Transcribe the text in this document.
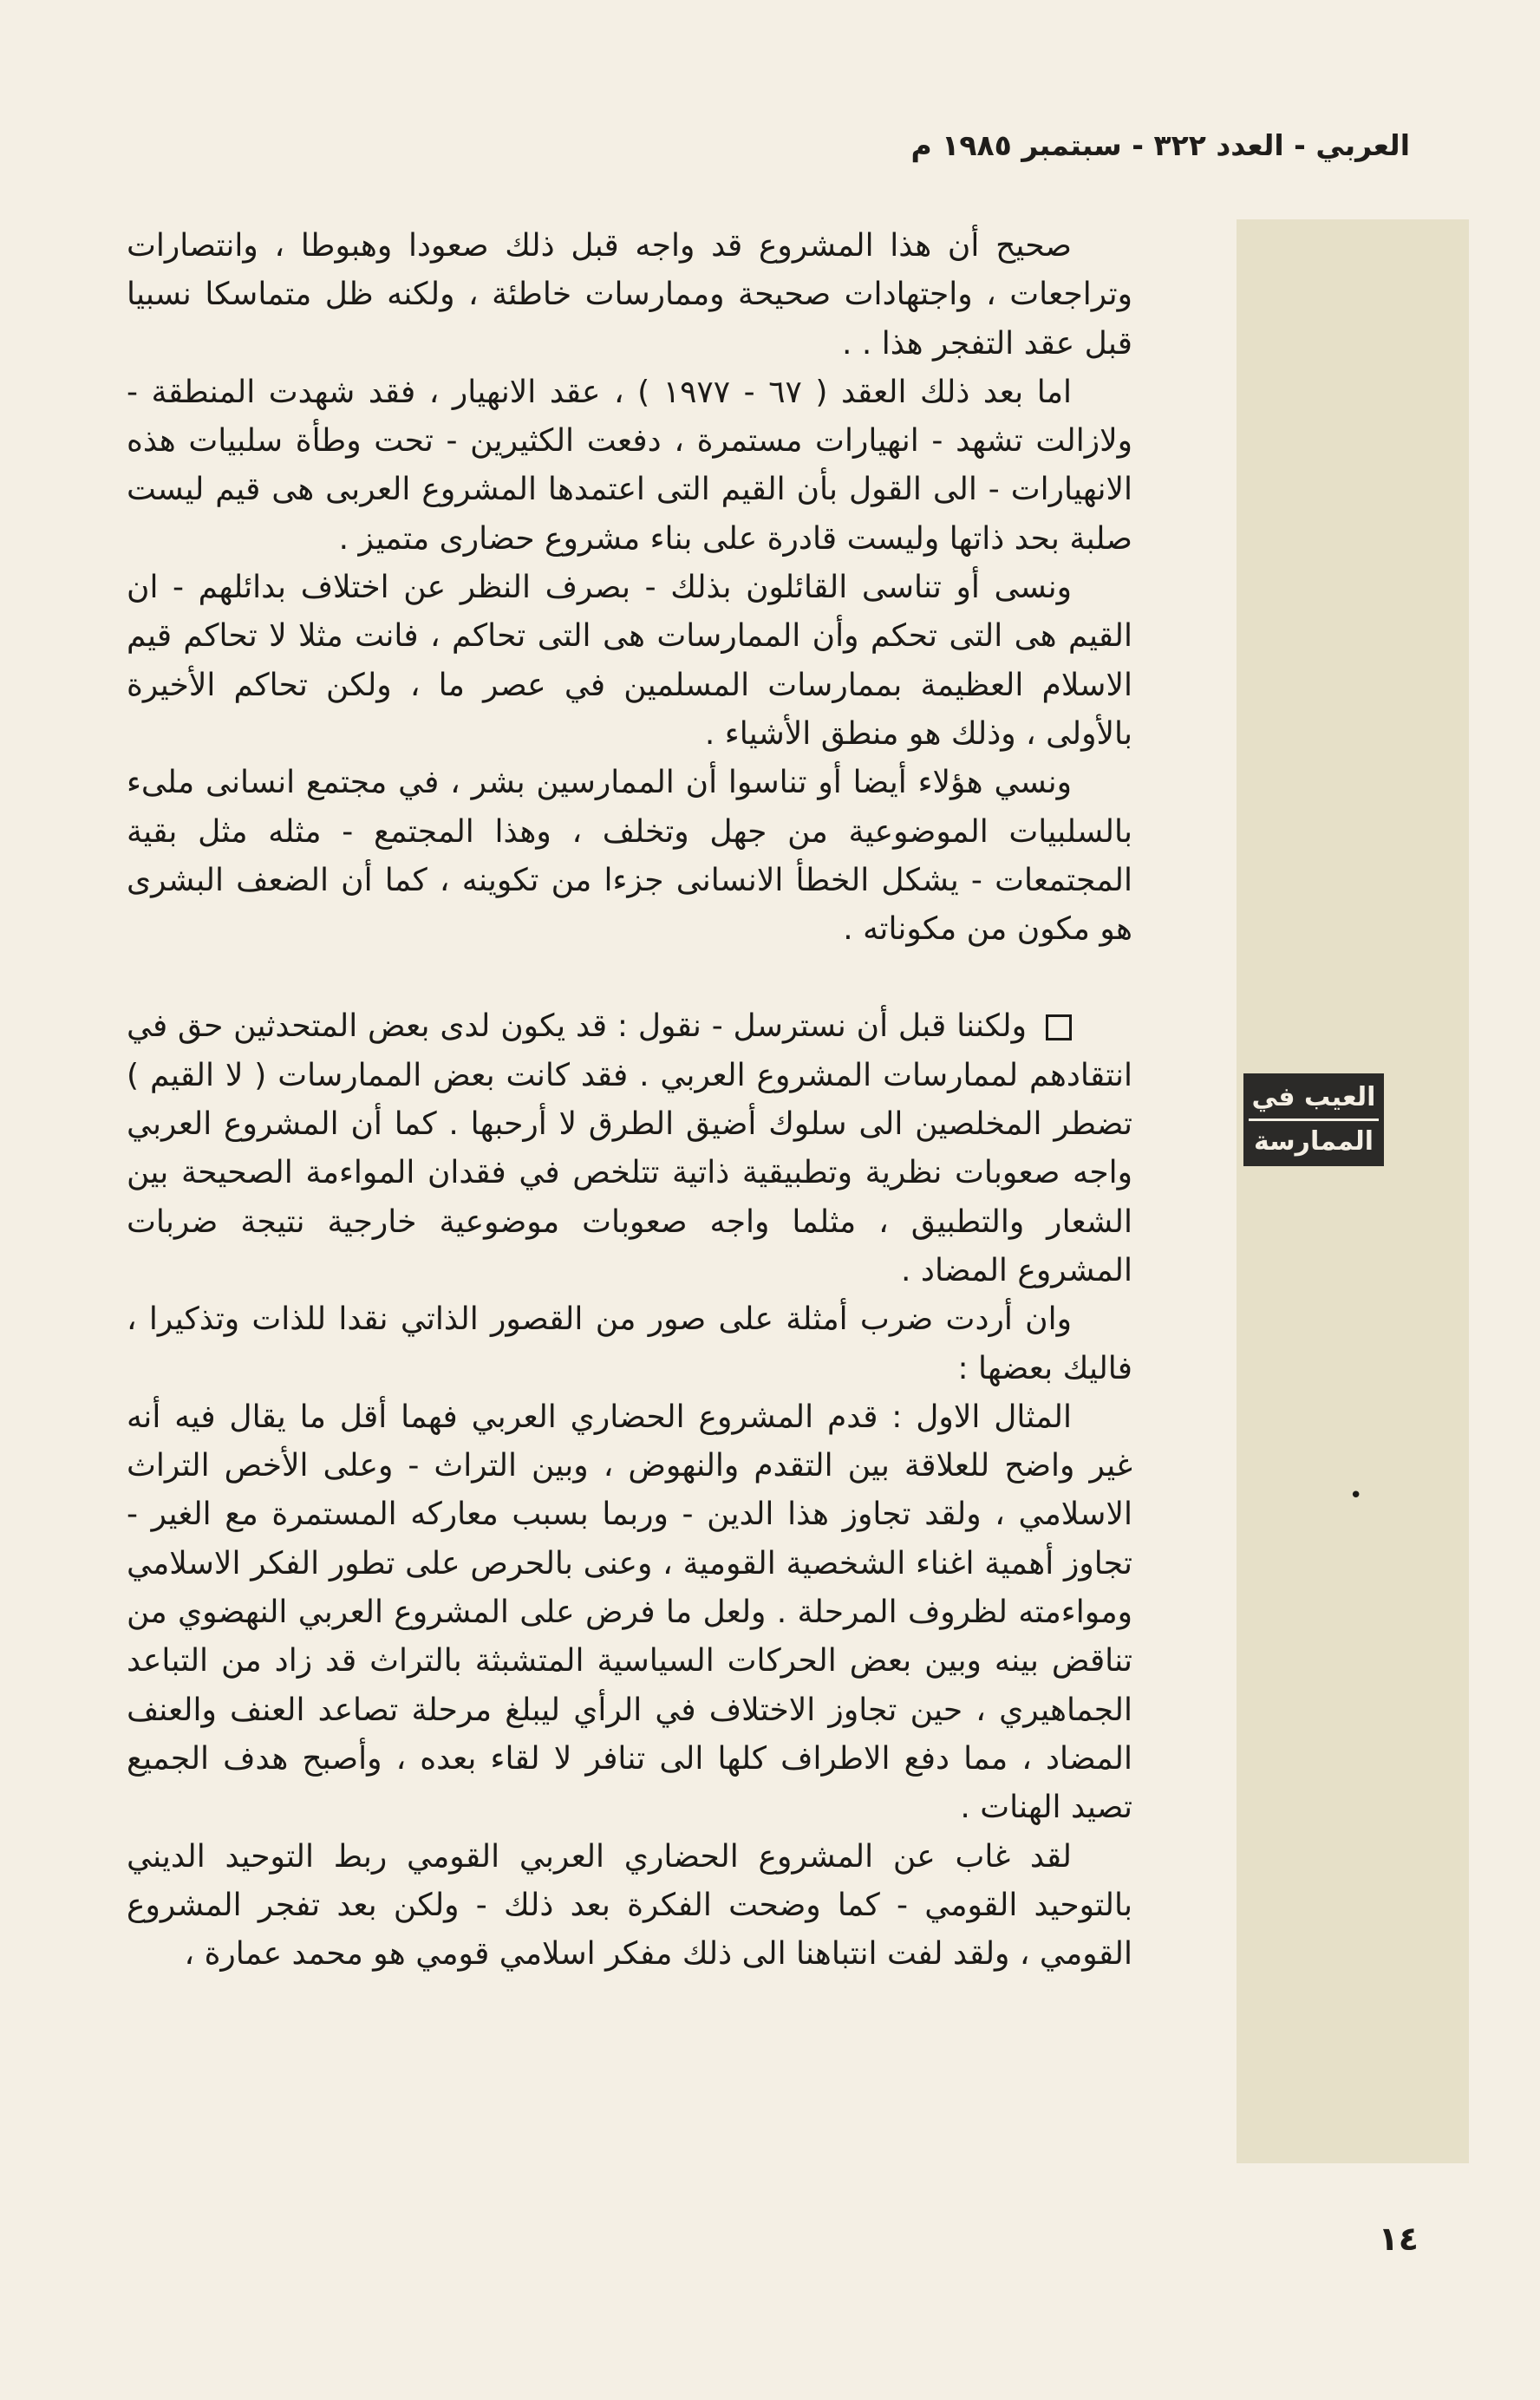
العربي - العدد ٣٢٢ - سبتمبر ١٩٨٥ م
العيب في
الممارسة
•

صحيح أن هذا المشروع قد واجه قبل ذلك صعودا وهبوطا ، وانتصارات وتراجعات ، واجتهادات صحيحة وممارسات خاطئة ، ولكنه ظل متماسكا نسبيا قبل عقد التفجر هذا . .

اما بعد ذلك العقد ( ٦٧ - ١٩٧٧ ) ، عقد الانهيار ، فقد شهدت المنطقة - ولازالت تشهد - انهيارات مستمرة ، دفعت الكثيرين - تحت وطأة سلبيات هذه الانهيارات - الى القول بأن القيم التى اعتمدها المشروع العربى هى قيم ليست صلبة بحد ذاتها وليست قادرة على بناء مشروع حضارى متميز .

ونسى أو تناسى القائلون بذلك - بصرف النظر عن اختلاف بدائلهم - ان القيم هى التى تحكم وأن الممارسات هى التى تحاكم ، فانت مثلا لا تحاكم قيم الاسلام العظيمة بممارسات المسلمين في عصر ما ، ولكن تحاكم الأخيرة بالأولى ، وذلك هو منطق الأشياء .

ونسي هؤلاء أيضا أو تناسوا أن الممارسين بشر ، في مجتمع انسانى ملىء بالسلبيات الموضوعية من جهل وتخلف ، وهذا المجتمع - مثله مثل بقية المجتمعات - يشكل الخطأ الانسانى جزءا من تكوينه ، كما أن الضعف البشرى هو مكون من مكوناته .

ولكننا قبل أن نسترسل - نقول : قد يكون لدى بعض المتحدثين حق في انتقادهم لممارسات المشروع العربي . فقد كانت بعض الممارسات ( لا القيم ) تضطر المخلصين الى سلوك أضيق الطرق لا أرحبها . كما أن المشروع العربي واجه صعوبات نظرية وتطبيقية ذاتية تتلخص في فقدان المواءمة الصحيحة بين الشعار والتطبيق ، مثلما واجه صعوبات موضوعية خارجية نتيجة ضربات المشروع المضاد .

وان أردت ضرب أمثلة على صور من القصور الذاتي نقدا للذات وتذكيرا ، فاليك بعضها :

المثال الاول : قدم المشروع الحضاري العربي فهما أقل ما يقال فيه أنه غير واضح للعلاقة بين التقدم والنهوض ، وبين التراث - وعلى الأخص التراث الاسلامي ، ولقد تجاوز هذا الدين - وربما بسبب معاركه المستمرة مع الغير - تجاوز أهمية اغناء الشخصية القومية ، وعنى بالحرص على تطور الفكر الاسلامي ومواءمته لظروف المرحلة . ولعل ما فرض على المشروع العربي النهضوي من تناقض بينه وبين بعض الحركات السياسية المتشبثة بالتراث قد زاد من التباعد الجماهيري ، حين تجاوز الاختلاف في الرأي ليبلغ مرحلة تصاعد العنف والعنف المضاد ، مما دفع الاطراف كلها الى تنافر لا لقاء بعده ، وأصبح هدف الجميع تصيد الهنات .

لقد غاب عن المشروع الحضاري العربي القومي ربط التوحيد الديني بالتوحيد القومي - كما وضحت الفكرة بعد ذلك - ولكن بعد تفجر المشروع القومي ، ولقد لفت انتباهنا الى ذلك مفكر اسلامي قومي هو محمد عمارة ،

١٤
